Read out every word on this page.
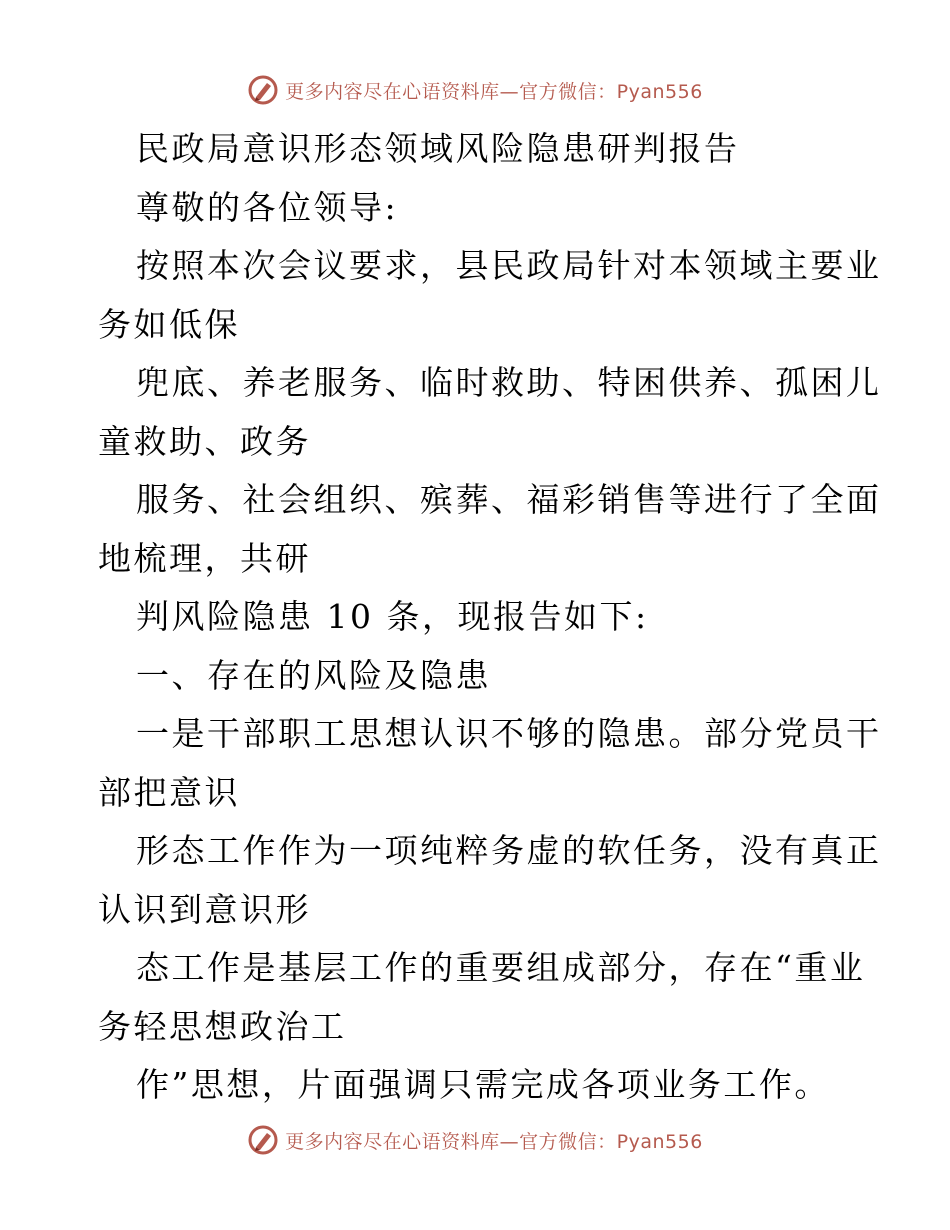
更多内容尽在心语资料库—官方微信：Pyan556
民政局意识形态领域风险隐患研判报告
尊敬的各位领导:
按照本次会议要求，县民政局针对本领域主要业
务如低保
兜底、养老服务、临时救助、特困供养、孤困儿
童救助、政务
服务、社会组织、殡葬、福彩销售等进行了全面
地梳理，共研
判风险隐患 10 条，现报告如下:
一、存在的风险及隐患
一是干部职工思想认识不够的隐患。部分党员干
部把意识
形态工作作为一项纯粹务虚的软任务，没有真正
认识到意识形
态工作是基层工作的重要组成部分，存在“重业
务轻思想政治工
作”思想，片面强调只需完成各项业务工作。
更多内容尽在心语资料库—官方微信：Pyan556
